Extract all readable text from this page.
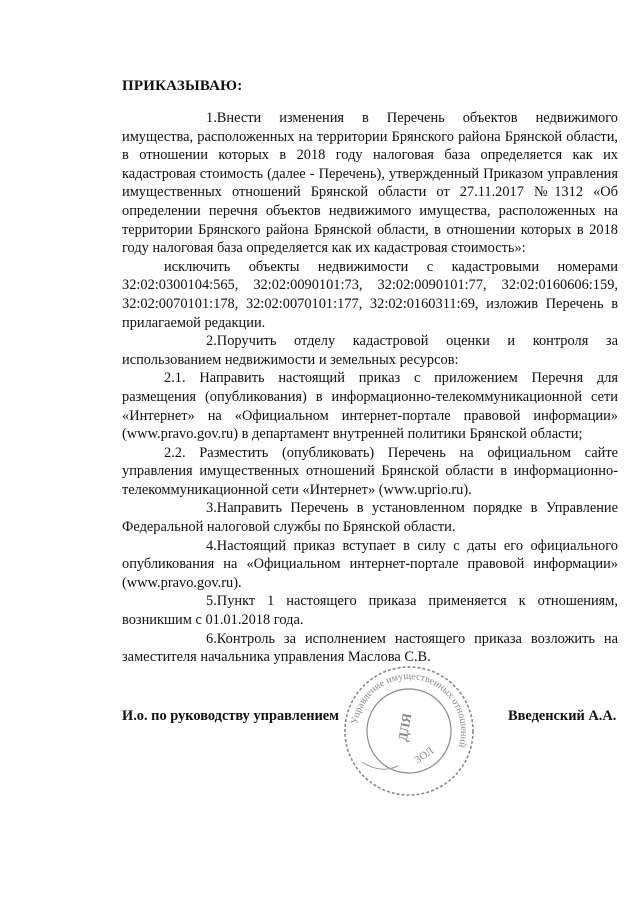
ПРИКАЗЫВАЮ:

1.Внести изменения в Перечень объектов недвижимого имущества, расположенных на территории Брянского района Брянской области, в отношении которых в 2018 году налоговая база определяется как их кадастровая стоимость (далее - Перечень), утвержденный Приказом управления имущественных отношений Брянской области от 27.11.2017 №1312 «Об определении перечня объектов недвижимого имущества, расположенных на территории Брянского района Брянской области, в отношении которых в 2018 году налоговая база определяется как их кадастровая стоимость»:

исключить объекты недвижимости с кадастровыми номерами 32:02:0300104:565, 32:02:0090101:73, 32:02:0090101:77, 32:02:0160606:159, 32:02:0070101:178, 32:02:0070101:177, 32:02:0160311:69, изложив Перечень в прилагаемой редакции.

2.Поручить отделу кадастровой оценки и контроля за использованием недвижимости и земельных ресурсов:

2.1. Направить настоящий приказ с приложением Перечня для размещения (опубликования) в информационно-телекоммуникационной сети «Интернет» на «Официальном интернет-портале правовой информации» (www.pravo.gov.ru) в департамент внутренней политики Брянской области;

2.2. Разместить (опубликовать) Перечень на официальном сайте управления имущественных отношений Брянской области в информационно-телекоммуникационной сети «Интернет» (www.uprio.ru).

3.Направить Перечень в установленном порядке в Управление Федеральной налоговой службы по Брянской области.

4.Настоящий приказ вступает в силу с даты его официального опубликования на «Официальном интернет-портале правовой информации» (www.pravo.gov.ru).

5.Пункт 1 настоящего приказа применяется к отношениям, возникшим с 01.01.2018 года.

6.Контроль за исполнением настоящего приказа возложить на заместителя начальника управления Маслова С.В.

Управление имущественных отношений
ДЛЯ
ЗОЛ
И.о. по руководству управлением	Введенский А.А.
